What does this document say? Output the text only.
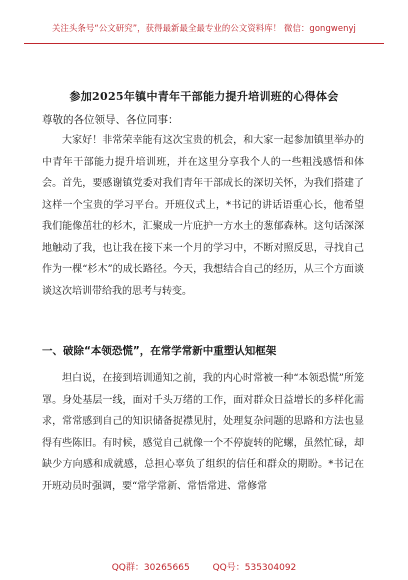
关注头条号“公文研究”，获得最新最全最专业的公文资料库！ 微信：gongwenyj
参加2025年镇中青年干部能力提升培训班的心得体会
尊敬的各位领导、各位同事：

大家好！非常荣幸能有这次宝贵的机会，和大家一起参加镇里举办的中青年干部能力提升培训班，并在这里分享我个人的一些粗浅感悟和体会。首先，要感谢镇党委对我们青年干部成长的深切关怀，为我们搭建了这样一个宝贵的学习平台。开班仪式上，*书记的讲话语重心长，他希望我们能像茁壮的杉木，汇聚成一片庇护一方水土的葱郁森林。这句话深深地触动了我，也让我在接下来一个月的学习中，不断对照反思，寻找自己作为一棵“杉木”的成长路径。今天，我想结合自己的经历，从三个方面谈谈这次培训带给我的思考与转变。

一、破除“本领恐慌”，在常学常新中重塑认知框架

坦白说，在接到培训通知之前，我的内心时常被一种“本领恐慌”所笼罩。身处基层一线，面对千头万绪的工作，面对群众日益增长的多样化需求，常常感到自己的知识储备捉襟见肘，处理复杂问题的思路和方法也显得有些陈旧。有时候，感觉自己就像一个不停旋转的陀螺，虽然忙碌，却缺少方向感和成就感，总担心辜负了组织的信任和群众的期盼。*书记在开班动员时强调，要“常学常新、常悟常进、常修常

QQ群：30265665	QQ号：535304092
